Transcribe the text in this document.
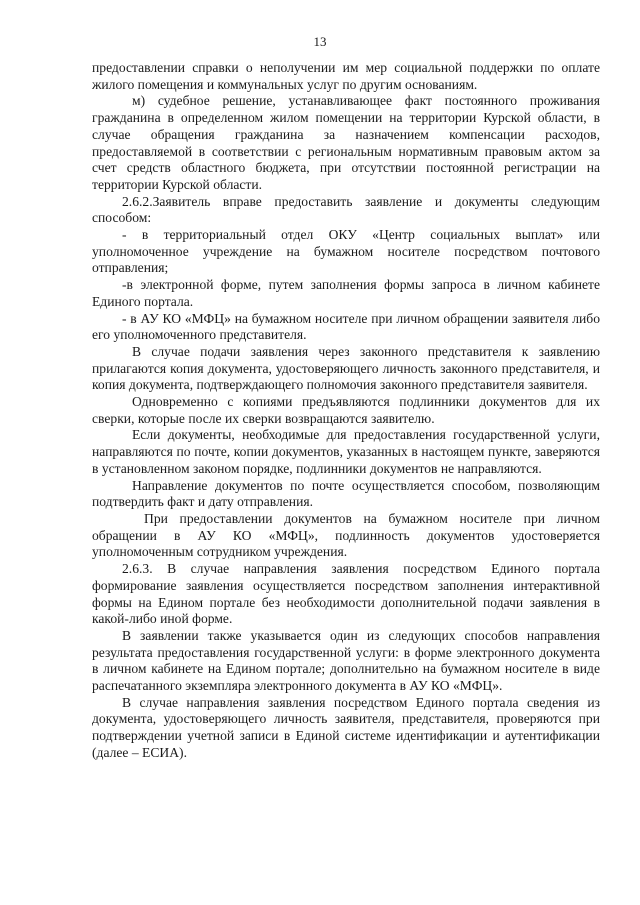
13

предоставлении справки о неполучении им мер социальной поддержки по оплате жилого помещения и коммунальных услуг по другим основаниям.

м) судебное решение, устанавливающее факт постоянного проживания гражданина в определенном жилом помещении на территории Курской области, в случае обращения гражданина за назначением компенсации расходов, предоставляемой в соответствии с региональным нормативным правовым актом за счет средств областного бюджета, при отсутствии постоянной регистрации на территории Курской области.

2.6.2.Заявитель вправе предоставить заявление и документы следующим способом:

- в территориальный отдел ОКУ «Центр социальных выплат» или уполномоченное учреждение на бумажном носителе посредством почтового отправления;

-в электронной форме, путем заполнения формы запроса в личном кабинете Единого портала.

- в АУ КО «МФЦ» на бумажном носителе при личном обращении заявителя либо его уполномоченного представителя.

В случае подачи заявления через законного представителя к заявлению прилагаются копия документа, удостоверяющего личность законного представителя, и копия документа, подтверждающего полномочия законного представителя заявителя.

Одновременно с копиями предъявляются подлинники документов для их сверки, которые после их сверки возвращаются заявителю.

Если документы, необходимые для предоставления государственной услуги, направляются по почте, копии документов, указанных в настоящем пункте, заверяются в установленном законом порядке, подлинники документов не направляются.

Направление документов по почте осуществляется способом, позволяющим подтвердить факт и дату отправления.

При предоставлении документов на бумажном носителе при личном обращении в АУ КО «МФЦ», подлинность документов удостоверяется уполномоченным сотрудником учреждения.

2.6.3. В случае направления заявления посредством Единого портала формирование заявления осуществляется посредством заполнения интерактивной формы на Едином портале без необходимости дополнительной подачи заявления в какой-либо иной форме.

В заявлении также указывается один из следующих способов направления результата предоставления государственной услуги: в форме электронного документа в личном кабинете на Едином портале; дополнительно на бумажном носителе в виде распечатанного экземпляра электронного документа в АУ КО «МФЦ».

В случае направления заявления посредством Единого портала сведения из документа, удостоверяющего личность заявителя, представителя, проверяются при подтверждении учетной записи в Единой системе идентификации и аутентификации (далее – ЕСИА).
